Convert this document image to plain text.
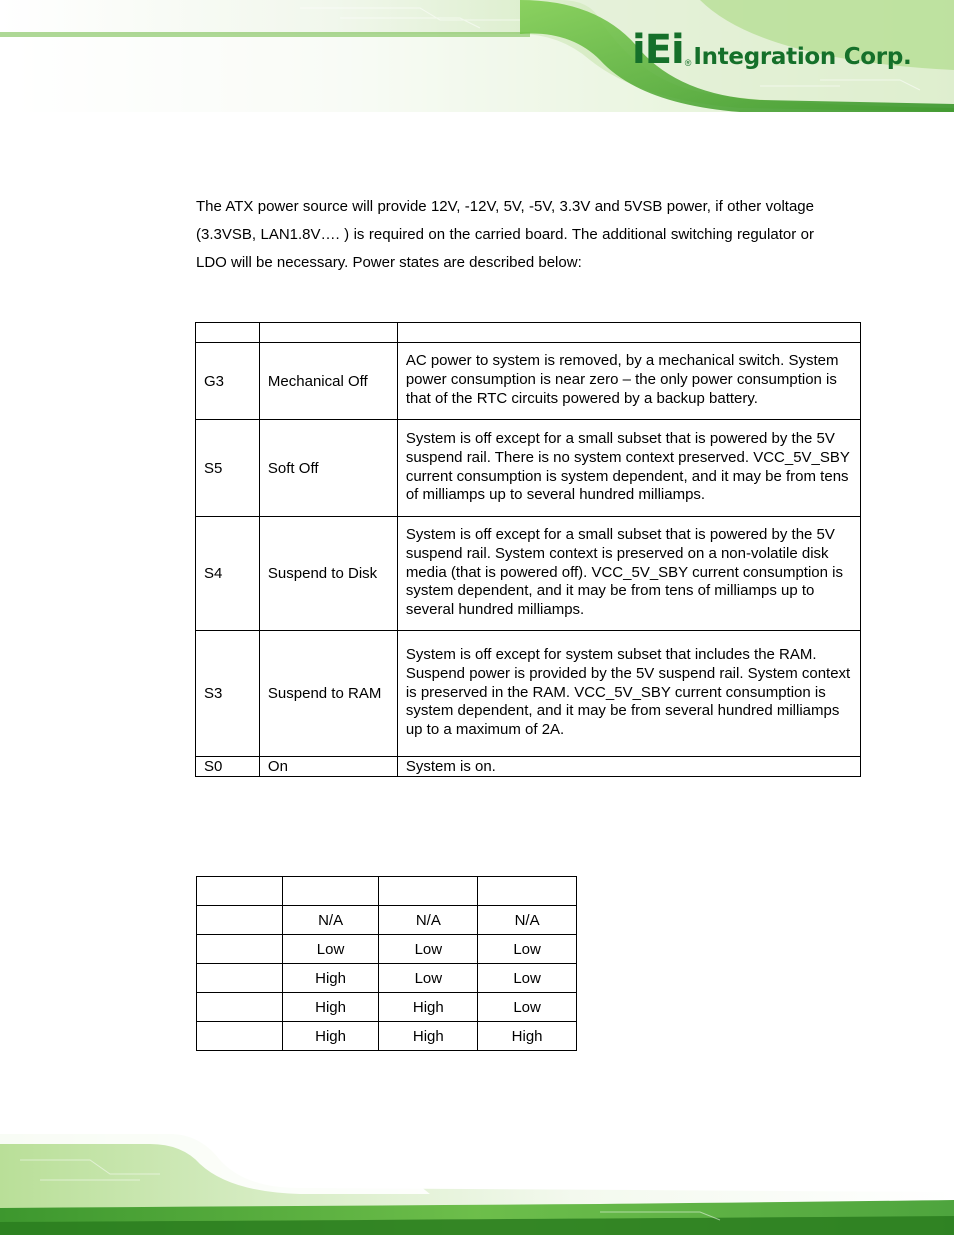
iEi ® Integration Corp.

The ATX power source will provide 12V, -12V, 5V, -5V, 3.3V and 5VSB power, if other voltage (3.3VSB, LAN1.8V…. ) is required on the carried board. The additional switching regulator or LDO will be necessary. Power states are described below:

G3	Mechanical Off	AC power to system is removed, by a mechanical switch. System power consumption is near zero – the only power consumption is that of the RTC circuits powered by a backup battery.
S5	Soft Off	System is off except for a small subset that is powered by the 5V suspend rail. There is no system context preserved. VCC_5V_SBY current consumption is system dependent, and it may be from tens of milliamps up to several hundred milliamps.
S4	Suspend to Disk	System is off except for a small subset that is powered by the 5V suspend rail. System context is preserved on a non-volatile disk media (that is powered off). VCC_5V_SBY current consumption is system dependent, and it may be from tens of milliamps up to several hundred milliamps.
S3	Suspend to RAM	System is off except for system subset that includes the RAM. Suspend power is provided by the 5V suspend rail. System context is preserved in the RAM. VCC_5V_SBY current consumption is system dependent, and it may be from several hundred milliamps up to a maximum of 2A.
S0	On	System is on.

	N/A	N/A	N/A
	Low	Low	Low
	High	Low	Low
	High	High	Low
	High	High	High
